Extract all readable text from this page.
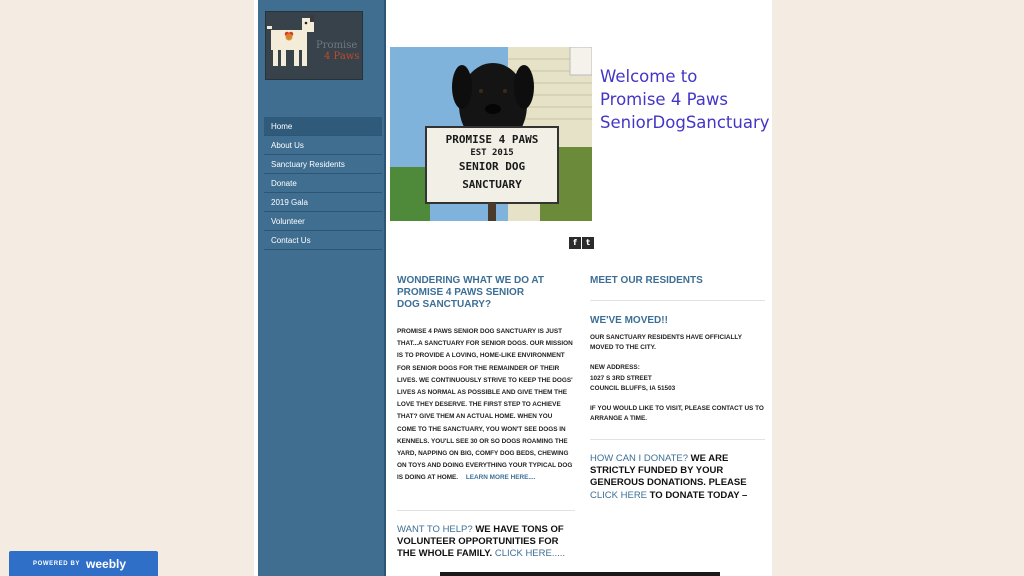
Promise
4 Paws
Home
About Us
Sanctuary Residents
Donate
2019 Gala
Volunteer
Contact Us
PROMISE 4 PAWS
EST 2015
SENIOR DOG
SANCTUARY
Welcome to
Promise 4 Paws
SeniorDogSanctuary
f	t
WONDERING WHAT WE DO AT PROMISE 4 PAWS SENIOR DOG SANCTUARY?

PROMISE 4 PAWS SENIOR DOG SANCTUARY IS JUST THAT...A SANCTUARY FOR SENIOR DOGS. OUR MISSION IS TO PROVIDE A LOVING, HOME-LIKE ENVIRONMENT FOR SENIOR DOGS FOR THE REMAINDER OF THEIR LIVES. WE CONTINUOUSLY STRIVE TO KEEP THE DOGS' LIVES AS NORMAL AS POSSIBLE AND GIVE THEM THE LOVE THEY DESERVE. THE FIRST STEP TO ACHIEVE THAT? GIVE THEM AN ACTUAL HOME. WHEN YOU COME TO THE SANCTUARY, YOU WON'T SEE DOGS IN KENNELS. YOU'LL SEE 30 OR SO DOGS ROAMING THE YARD, NAPPING ON BIG, COMFY DOG BEDS, CHEWING ON TOYS AND DOING EVERYTHING YOUR TYPICAL DOG IS DOING AT HOME. LEARN MORE HERE....

WANT TO HELP? WE HAVE TONS OF VOLUNTEER OPPORTUNITIES FOR THE WHOLE FAMILY. CLICK HERE.....
MEET OUR RESIDENTS
WE'VE MOVED!!
OUR SANCTUARY RESIDENTS HAVE OFFICIALLY MOVED TO THE CITY.
NEW ADDRESS:
1027 S 3RD STREET
COUNCIL BLUFFS, IA 51503
IF YOU WOULD LIKE TO VISIT, PLEASE CONTACT US TO ARRANGE A TIME.
HOW CAN I DONATE? WE ARE STRICTLY FUNDED BY YOUR GENEROUS DONATIONS. PLEASE CLICK HERE TO DONATE TODAY –
POWERED BY weebly
